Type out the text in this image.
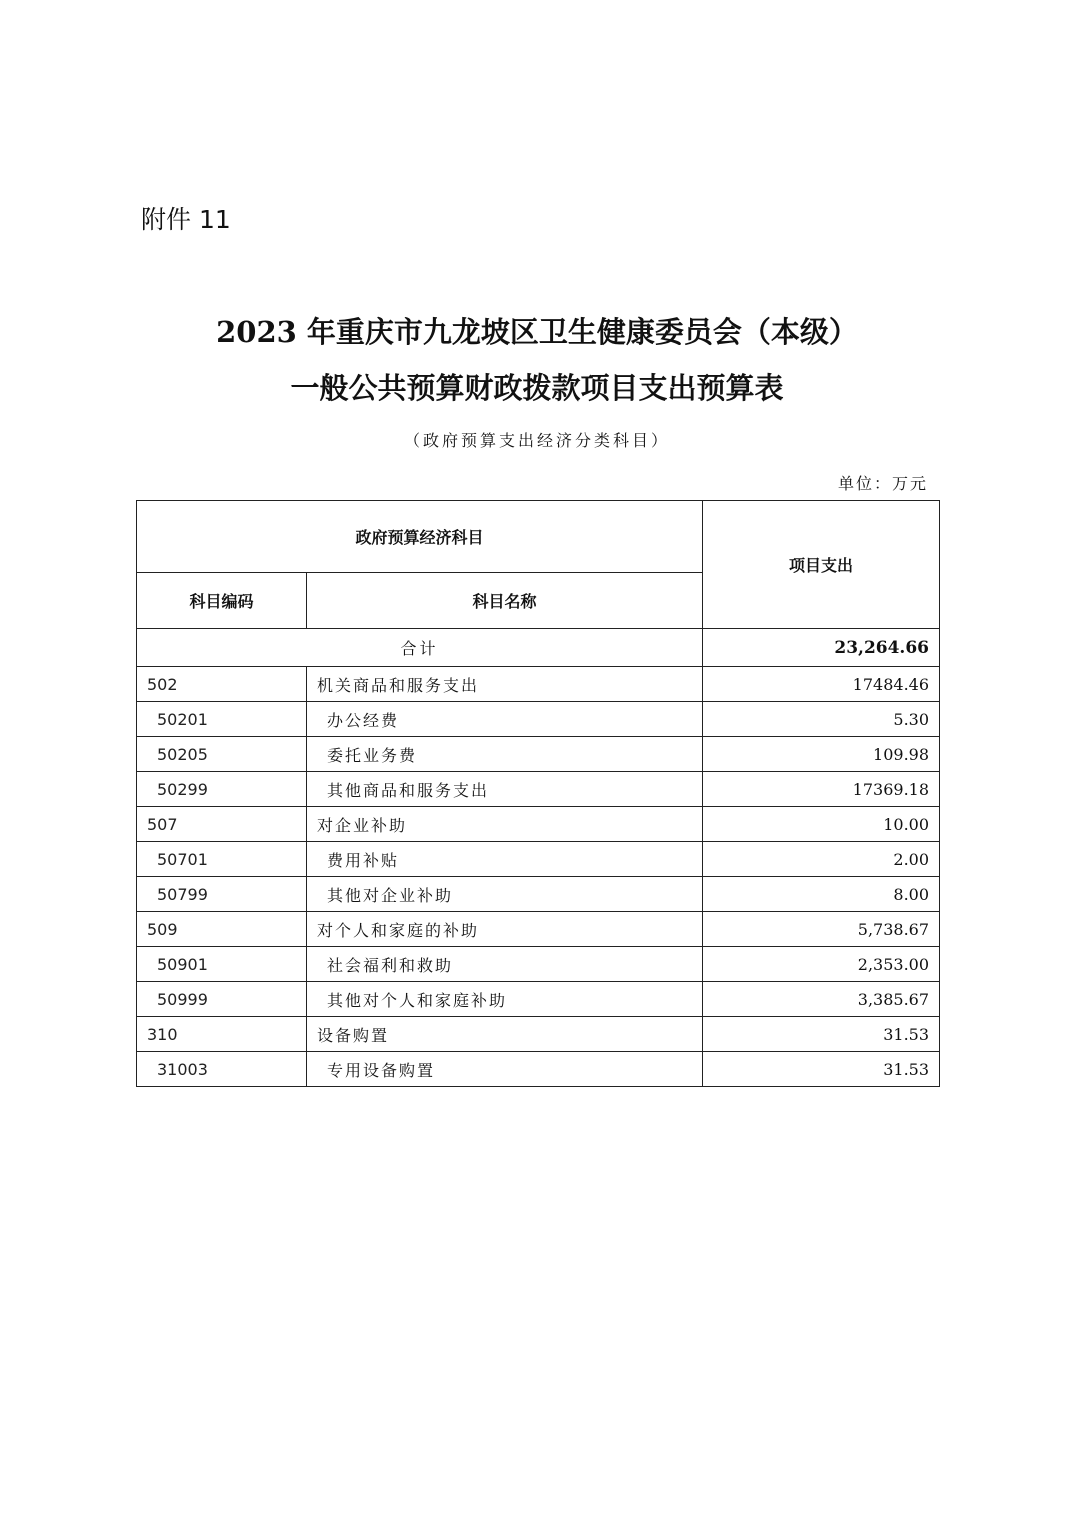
附件 11
2023 年重庆市九龙坡区卫生健康委员会（本级）
一般公共预算财政拨款项目支出预算表
（政府预算支出经济分类科目）
单位：万元
政府预算经济科目		项目支出
科目编码	科目名称	
合计		23,264.66
502	机关商品和服务支出	17484.46
50201	办公经费	5.30
50205	委托业务费	109.98
50299	其他商品和服务支出	17369.18
507	对企业补助	10.00
50701	费用补贴	2.00
50799	其他对企业补助	8.00
509	对个人和家庭的补助	5,738.67
50901	社会福利和救助	2,353.00
50999	其他对个人和家庭补助	3,385.67
310	设备购置	31.53
31003	专用设备购置	31.53
